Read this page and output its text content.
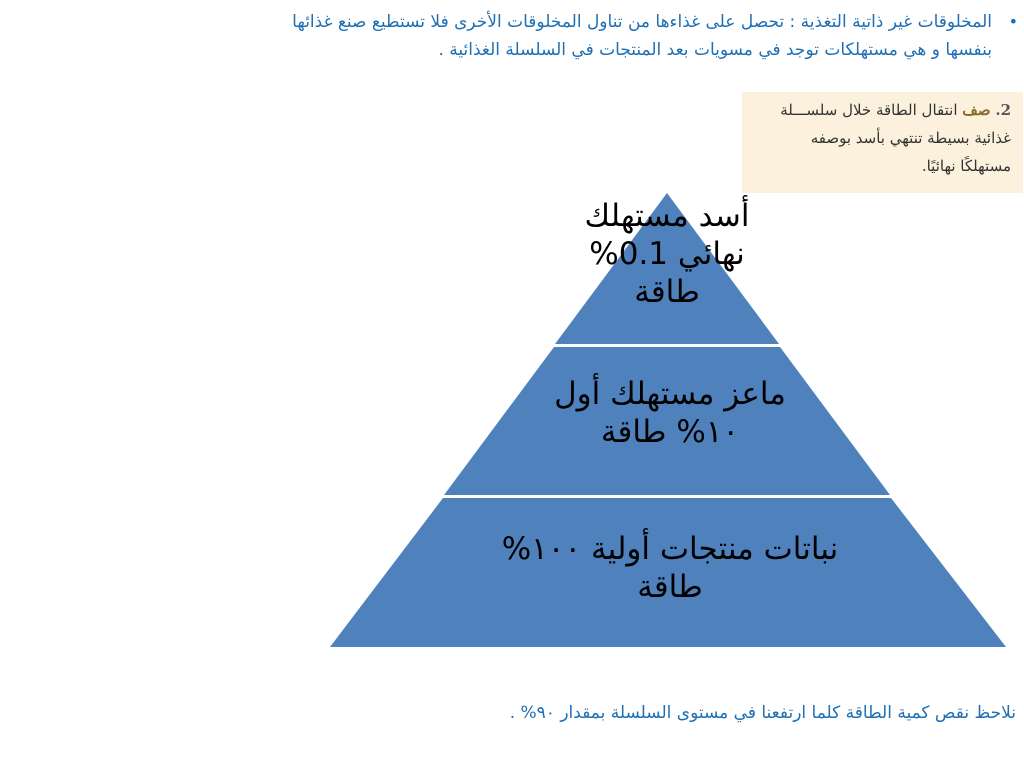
•
المخلوقات غير ذاتية التغذية : تحصل على غذاءها من تناول المخلوقات الأخرى فلا تستطيع صنع غذائها
بنفسها و هي مستهلكات توجد في مسويات بعد المنتجات في السلسلة الغذائية .
2. صف انتقال الطاقة خلال سلســـلة
غذائية بسيطة تنتهي بأسد بوصفه
مستهلكًا نهائيًا.
أسد مستهلك
نهائي 0.1%
طاقة
ماعز مستهلك أول
١٠% طاقة
نباتات منتجات أولية ١٠٠%
طاقة
نلاحظ نقص كمية الطاقة كلما ارتفعنا في مستوى السلسلة بمقدار ٩٠% .
